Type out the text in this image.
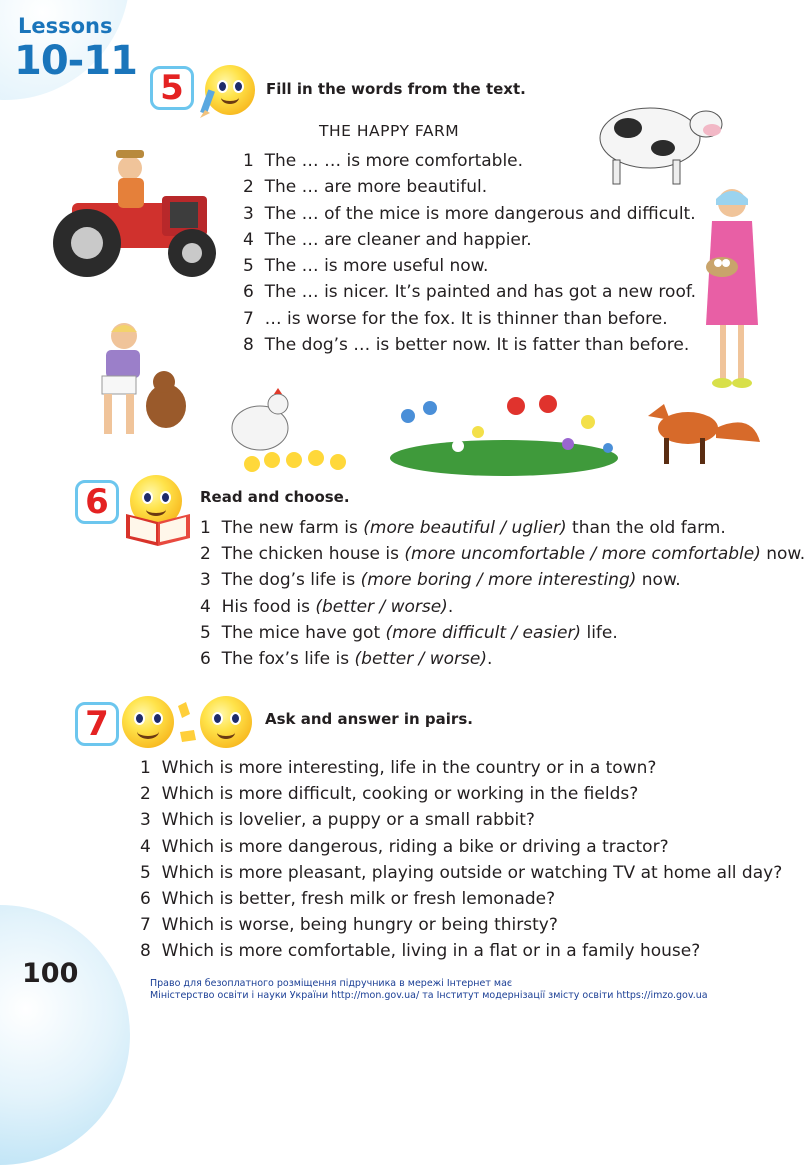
Lessons
10-11
100
5	Fill in the words from the text.
THE HAPPY FARM
1 The … … is more comfortable.
2 The … are more beautiful.
3 The … of the mice is more dangerous and difficult.
4 The … are cleaner and happier.
5 The … is more useful now.
6 The … is nicer. It’s painted and has got a new roof.
7 … is worse for the fox. It is thinner than before.
8 The dog’s … is better now. It is fatter than before.
6	Read and choose.
1 The new farm is (more beautiful / uglier) than the old farm.
2 The chicken house is (more uncomfortable / more comfortable) now.
3 The dog’s life is (more boring / more interesting) now.
4 His food is (better / worse).
5 The mice have got (more difficult / easier) life.
6 The fox’s life is (better / worse).
7	Ask and answer in pairs.
1 Which is more interesting, life in the country or in a town?
2 Which is more difficult, cooking or working in the fields?
3 Which is lovelier, a puppy or a small rabbit?
4 Which is more dangerous, riding a bike or driving a tractor?
5 Which is more pleasant, playing outside or watching TV at home all day?
6 Which is better, fresh milk or fresh lemonade?
7 Which is worse, being hungry or being thirsty?
8 Which is more comfortable, living in a flat or in a family house?
Право для безоплатного розміщення підручника в мережі Інтернет має
Міністерство освіти і науки України http://mon.gov.ua/ та Інститут модернізації змісту освіти https://imzo.gov.ua
